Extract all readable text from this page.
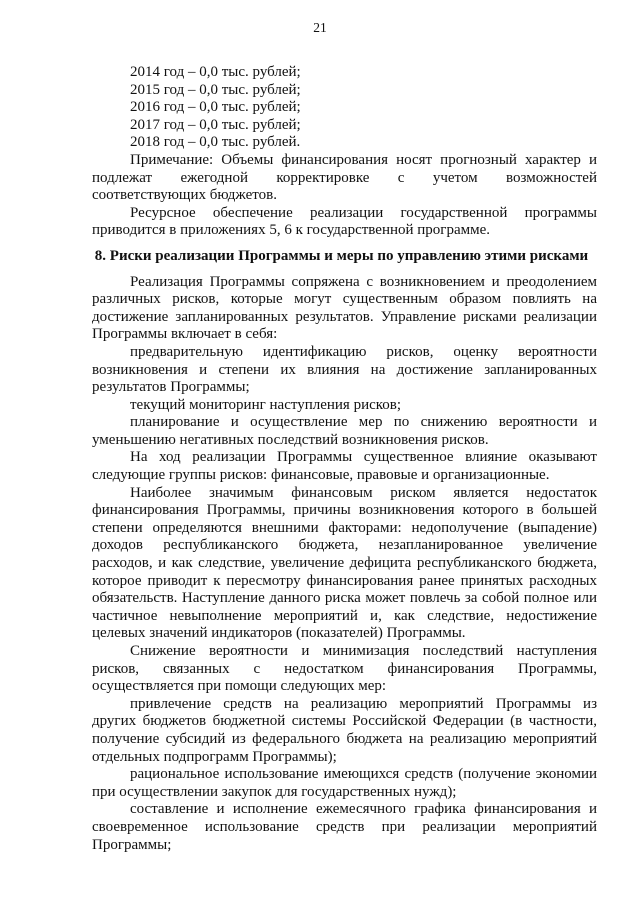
21
2014 год – 0,0 тыс. рублей;
2015 год – 0,0 тыс. рублей;
2016 год – 0,0 тыс. рублей;
2017 год – 0,0 тыс. рублей;
2018 год – 0,0 тыс. рублей.
Примечание: Объемы финансирования носят прогнозный характер и
подлежат ежегодной корректировке с учетом возможностей
соответствующих бюджетов.
Ресурсное обеспечение реализации государственной программы
приводится в приложениях 5, 6 к государственной программе.
8. Риски реализации Программы и меры по управлению этими рисками
Реализация Программы сопряжена с возникновением и преодолением
различных рисков, которые могут существенным образом повлиять на
достижение запланированных результатов. Управление рисками реализации
Программы включает в себя:
предварительную идентификацию рисков, оценку вероятности
возникновения и степени их влияния на достижение запланированных
результатов Программы;
текущий мониторинг наступления рисков;
планирование и осуществление мер по снижению вероятности и
уменьшению негативных последствий возникновения рисков.
На ход реализации Программы существенное влияние оказывают
следующие группы рисков: финансовые, правовые и организационные.
Наиболее значимым финансовым риском является недостаток
финансирования Программы, причины возникновения которого в большей
степени определяются внешними факторами: недополучение (выпадение)
доходов республиканского бюджета, незапланированное увеличение
расходов, и как следствие, увеличение дефицита республиканского бюджета,
которое приводит к пересмотру финансирования ранее принятых расходных
обязательств. Наступление данного риска может повлечь за собой полное или
частичное невыполнение мероприятий и, как следствие, недостижение
целевых значений индикаторов (показателей) Программы.
Снижение вероятности и минимизация последствий наступления
рисков, связанных с недостатком финансирования Программы,
осуществляется при помощи следующих мер:
привлечение средств на реализацию мероприятий Программы из
других бюджетов бюджетной системы Российской Федерации (в частности,
получение субсидий из федерального бюджета на реализацию мероприятий
отдельных подпрограмм Программы);
рациональное использование имеющихся средств (получение экономии
при осуществлении закупок для государственных нужд);
составление и исполнение ежемесячного графика финансирования и
своевременное использование средств при реализации мероприятий
Программы;
